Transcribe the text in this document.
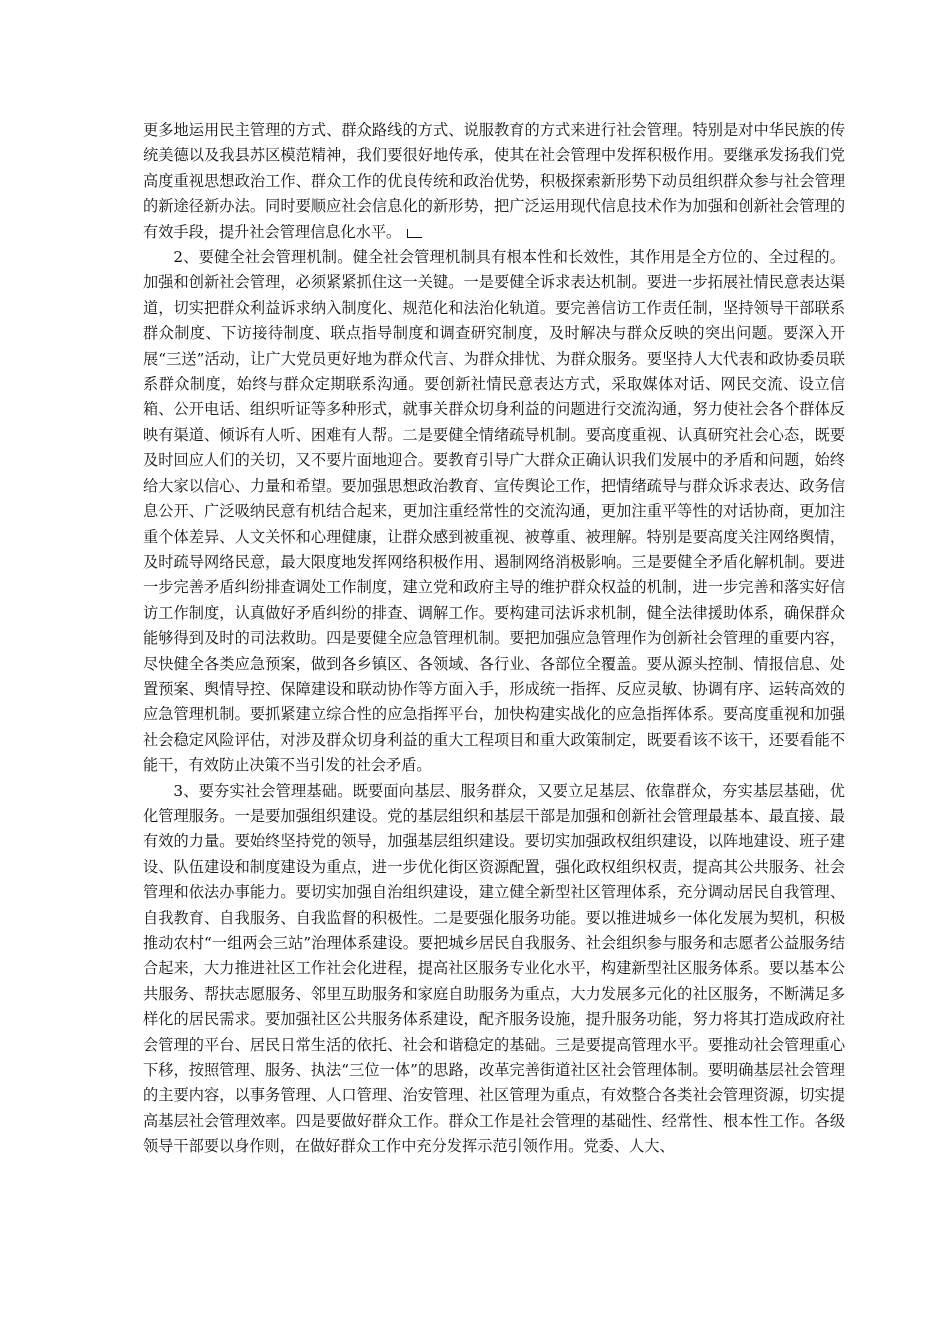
更多地运用民主管理的方式、群众路线的方式、说服教育的方式来进行社会管理。特别是对中华民族的传统美德以及我县苏区模范精神，我们要很好地传承，使其在社会管理中发挥积极作用。要继承发扬我们党高度重视思想政治工作、群众工作的优良传统和政治优势，积极探索新形势下动员组织群众参与社会管理的新途径新办法。同时要顺应社会信息化的新形势，把广泛运用现代信息技术作为加强和创新社会管理的有效手段，提升社会管理信息化水平。

2、要健全社会管理机制。健全社会管理机制具有根本性和长效性，其作用是全方位的、全过程的。加强和创新社会管理，必须紧紧抓住这一关键。一是要健全诉求表达机制。要进一步拓展社情民意表达渠道，切实把群众利益诉求纳入制度化、规范化和法治化轨道。要完善信访工作责任制，坚持领导干部联系群众制度、下访接待制度、联点指导制度和调查研究制度，及时解决与群众反映的突出问题。要深入开展“三送”活动，让广大党员更好地为群众代言、为群众排忧、为群众服务。要坚持人大代表和政协委员联系群众制度，始终与群众定期联系沟通。要创新社情民意表达方式，采取媒体对话、网民交流、设立信箱、公开电话、组织听证等多种形式，就事关群众切身利益的问题进行交流沟通，努力使社会各个群体反映有渠道、倾诉有人听、困难有人帮。二是要健全情绪疏导机制。要高度重视、认真研究社会心态，既要及时回应人们的关切，又不要片面地迎合。要教育引导广大群众正确认识我们发展中的矛盾和问题，始终给大家以信心、力量和希望。要加强思想政治教育、宣传舆论工作，把情绪疏导与群众诉求表达、政务信息公开、广泛吸纳民意有机结合起来，更加注重经常性的交流沟通，更加注重平等性的对话协商，更加注重个体差异、人文关怀和心理健康，让群众感到被重视、被尊重、被理解。特别是要高度关注网络舆情，及时疏导网络民意，最大限度地发挥网络积极作用、遏制网络消极影响。三是要健全矛盾化解机制。要进一步完善矛盾纠纷排查调处工作制度，建立党和政府主导的维护群众权益的机制，进一步完善和落实好信访工作制度，认真做好矛盾纠纷的排查、调解工作。要构建司法诉求机制，健全法律援助体系，确保群众能够得到及时的司法救助。四是要健全应急管理机制。要把加强应急管理作为创新社会管理的重要内容，尽快健全各类应急预案，做到各乡镇区、各领域、各行业、各部位全覆盖。要从源头控制、情报信息、处置预案、舆情导控、保障建设和联动协作等方面入手，形成统一指挥、反应灵敏、协调有序、运转高效的应急管理机制。要抓紧建立综合性的应急指挥平台，加快构建实战化的应急指挥体系。要高度重视和加强社会稳定风险评估，对涉及群众切身利益的重大工程项目和重大政策制定，既要看该不该干，还要看能不能干，有效防止决策不当引发的社会矛盾。

3、要夯实社会管理基础。既要面向基层、服务群众，又要立足基层、依靠群众，夯实基层基础，优化管理服务。一是要加强组织建设。党的基层组织和基层干部是加强和创新社会管理最基本、最直接、最有效的力量。要始终坚持党的领导，加强基层组织建设。要切实加强政权组织建设，以阵地建设、班子建设、队伍建设和制度建设为重点，进一步优化街区资源配置，强化政权组织权责，提高其公共服务、社会管理和依法办事能力。要切实加强自治组织建设，建立健全新型社区管理体系，充分调动居民自我管理、自我教育、自我服务、自我监督的积极性。二是要强化服务功能。要以推进城乡一体化发展为契机，积极推动农村“一组两会三站”治理体系建设。要把城乡居民自我服务、社会组织参与服务和志愿者公益服务结合起来，大力推进社区工作社会化进程，提高社区服务专业化水平，构建新型社区服务体系。要以基本公共服务、帮扶志愿服务、邻里互助服务和家庭自助服务为重点，大力发展多元化的社区服务，不断满足多样化的居民需求。要加强社区公共服务体系建设，配齐服务设施，提升服务功能，努力将其打造成政府社会管理的平台、居民日常生活的依托、社会和谐稳定的基础。三是要提高管理水平。要推动社会管理重心下移，按照管理、服务、执法“三位一体”的思路，改革完善街道社区社会管理体制。要明确基层社会管理的主要内容，以事务管理、人口管理、治安管理、社区管理为重点，有效整合各类社会管理资源，切实提高基层社会管理效率。四是要做好群众工作。群众工作是社会管理的基础性、经常性、根本性工作。各级领导干部要以身作则，在做好群众工作中充分发挥示范引领作用。党委、人大、
